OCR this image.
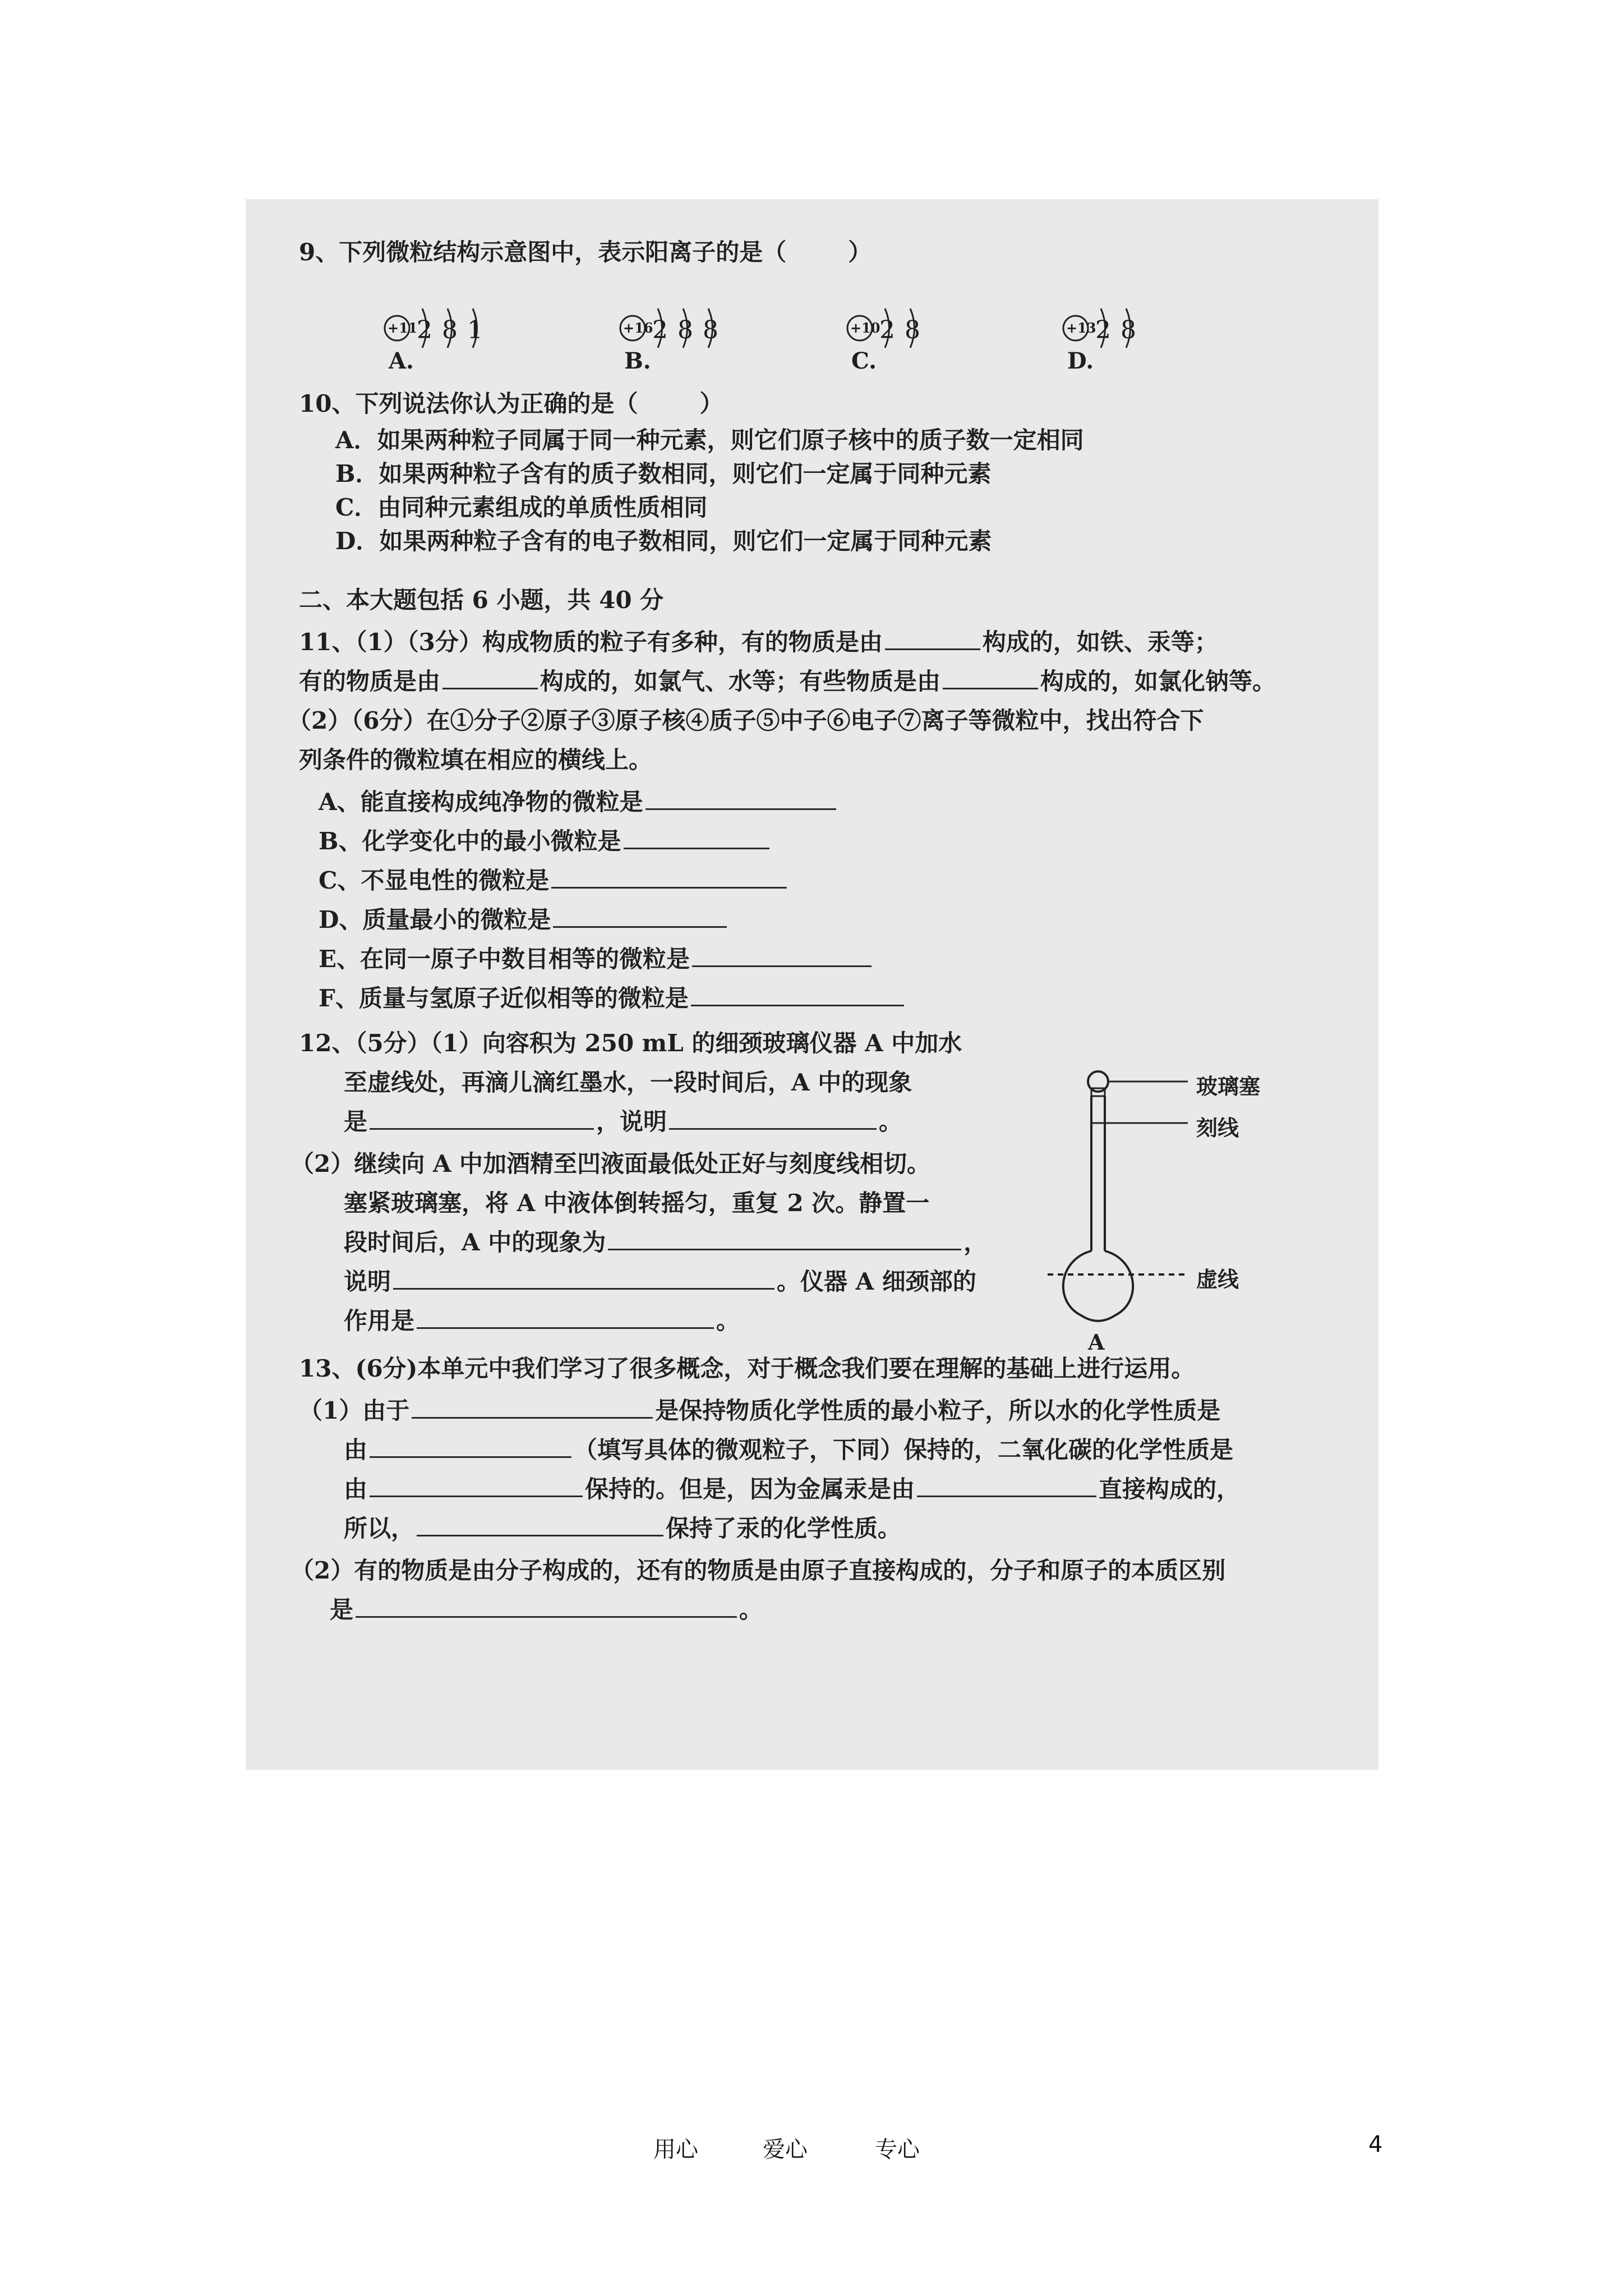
9、下列微粒结构示意图中，表示阳离子的是（	）
+11
2 8 1
A.
+16
2 8 8
B.
+10
2 8
C.
+13
2 8
D.
10、下列说法你认为正确的是（	）
A．如果两种粒子同属于同一种元素，则它们原子核中的质子数一定相同
B．如果两种粒子含有的质子数相同，则它们一定属于同种元素
C．由同种元素组成的单质性质相同
D．如果两种粒子含有的电子数相同，则它们一定属于同种元素
二、本大题包括 6 小题，共 40 分
11、（1）（3分）构成物质的粒子有多种，有的物质是由	构成的，如铁、汞等；
有的物质是由	构成的，如氯气、水等；有些物质是由	构成的，如氯化钠等。
（2）（6分）在①分子②原子③原子核④质子⑤中子⑥电子⑦离子等微粒中，找出符合下
列条件的微粒填在相应的横线上。
A、能直接构成纯净物的微粒是
B、化学变化中的最小微粒是
C、不显电性的微粒是
D、质量最小的微粒是
E、在同一原子中数目相等的微粒是
F、质量与氢原子近似相等的微粒是
12、（5分）（1）向容积为 250 mL 的细颈玻璃仪器 A 中加水
至虚线处，再滴儿滴红墨水，一段时间后，A 中的现象
是	，说明	。
（2）继续向 A 中加酒精至凹液面最低处正好与刻度线相切。
塞紧玻璃塞，将 A 中液体倒转摇匀，重复 2 次。静置一
段时间后，A 中的现象为	，
说明	。仪器 A 细颈部的
作用是	。
玻璃塞
刻线
虚线
A
13、(6分)本单元中我们学习了很多概念，对于概念我们要在理解的基础上进行运用。
（1）由于	是保持物质化学性质的最小粒子，所以水的化学性质是
由	（填写具体的微观粒子，下同）保持的，二氧化碳的化学性质是
由	保持的。但是，因为金属汞是由	直接构成的，
所以，	保持了汞的化学性质。
（2）有的物质是由分子构成的，还有的物质是由原子直接构成的，分子和原子的本质区别
是	。
用心	爱心	专心	4
